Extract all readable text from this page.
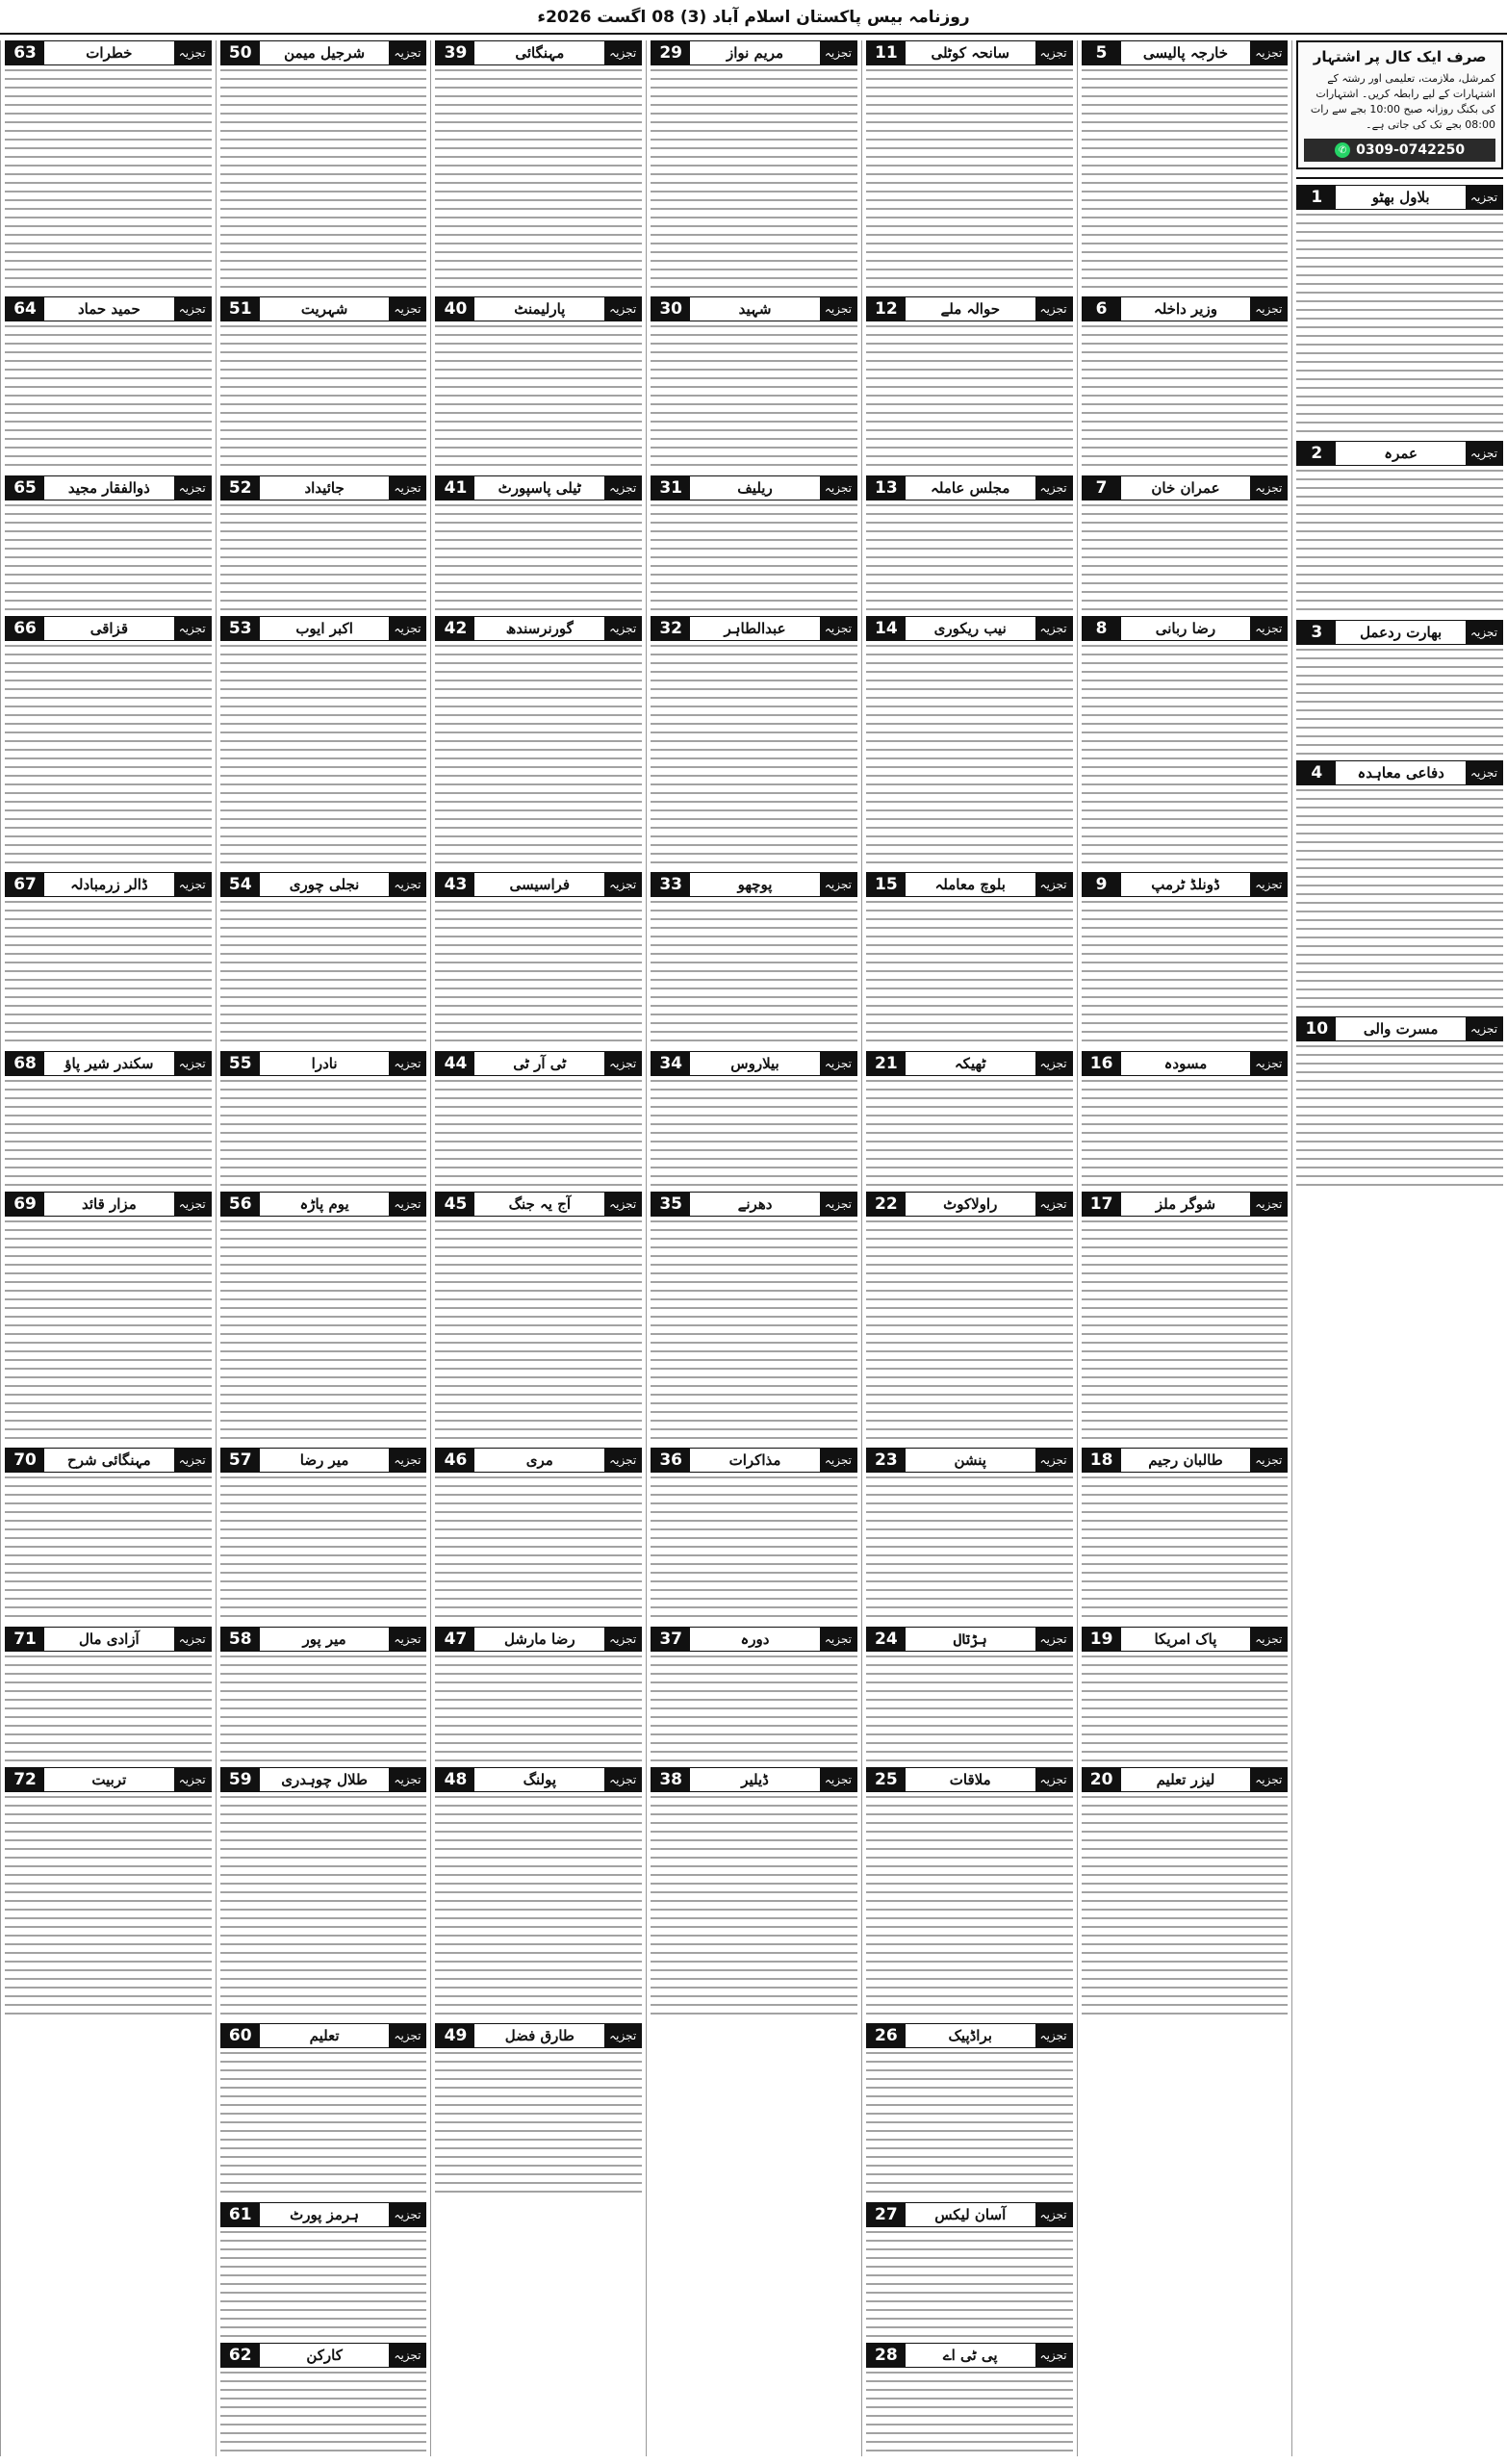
روزنامہ بیس پاکستان اسلام آباد (3) 08 اگست 2026ء
صرف ایک کال پر اشتہار
کمرشل، ملازمت، تعلیمی اور رشتہ کے اشتہارات کے لیے رابطہ کریں۔ اشتہارات کی بکنگ روزانہ صبح 10:00 بجے سے رات 08:00 بجے تک کی جاتی ہے۔
✆ 0309-0742250
تجزیہ
بلاول بھٹو
1
تجزیہ
عمرہ
2
تجزیہ
بھارت ردعمل
3
تجزیہ
دفاعی معاہدہ
4
تجزیہ
مسرت والی
10
تجزیہ
خارجہ پالیسی
5
تجزیہ
وزیر داخلہ
6
تجزیہ
عمران خان
7
تجزیہ
رضا ربانی
8
تجزیہ
ڈونلڈ ٹرمپ
9
تجزیہ
مسودہ
16
تجزیہ
شوگر ملز
17
تجزیہ
طالبان رجیم
18
تجزیہ
پاک امریکا
19
تجزیہ
لیزر تعلیم
20
تجزیہ
سانحہ کوٹلی
11
تجزیہ
حوالہ ملے
12
تجزیہ
مجلس عاملہ
13
تجزیہ
نیب ریکوری
14
تجزیہ
بلوچ معاملہ
15
تجزیہ
ٹھیکہ
21
تجزیہ
راولاکوٹ
22
تجزیہ
پنشن
23
تجزیہ
ہڑتال
24
تجزیہ
ملاقات
25
تجزیہ
براڈپیک
26
تجزیہ
آسان لیکس
27
تجزیہ
پی ٹی اے
28
تجزیہ
مریم نواز
29
تجزیہ
شہید
30
تجزیہ
ریلیف
31
تجزیہ
عبدالطاہر
32
تجزیہ
پوچھو
33
تجزیہ
بیلاروس
34
تجزیہ
دھرنے
35
تجزیہ
مذاکرات
36
تجزیہ
دورہ
37
تجزیہ
ڈیلیر
38
تجزیہ
مہنگائی
39
تجزیہ
پارلیمنٹ
40
تجزیہ
ٹیلی پاسپورٹ
41
تجزیہ
گورنرسندھ
42
تجزیہ
فراسیسی
43
تجزیہ
ٹی آر ٹی
44
تجزیہ
آج یہ جنگ
45
تجزیہ
مری
46
تجزیہ
رضا مارشل
47
تجزیہ
پولنگ
48
تجزیہ
طارق فضل
49
تجزیہ
شرجیل میمن
50
تجزیہ
شہریت
51
تجزیہ
جائیداد
52
تجزیہ
اکبر ایوب
53
تجزیہ
نجلی چوری
54
تجزیہ
نادرا
55
تجزیہ
یوم پاڑہ
56
تجزیہ
میر رضا
57
تجزیہ
میر پور
58
تجزیہ
طلال چوہدری
59
تجزیہ
تعلیم
60
تجزیہ
ہرمز پورٹ
61
تجزیہ
کارکن
62
تجزیہ
خطرات
63
تجزیہ
حمید حماد
64
تجزیہ
ذوالفقار مجید
65
تجزیہ
قزاقی
66
تجزیہ
ڈالر زرمبادلہ
67
تجزیہ
سکندر شیر پاؤ
68
تجزیہ
مزار قائد
69
تجزیہ
مہنگائی شرح
70
تجزیہ
آزادی مال
71
تجزیہ
تربیت
72
